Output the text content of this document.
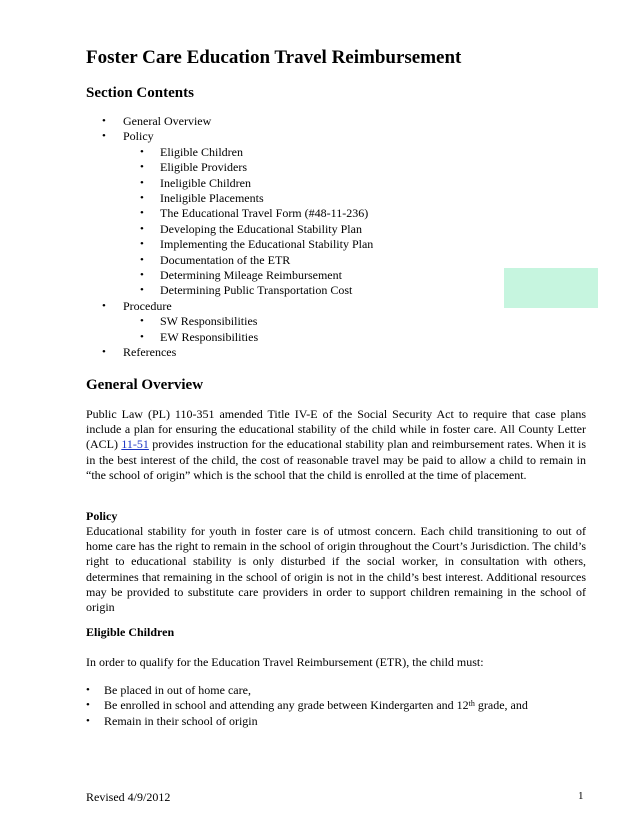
Foster Care Education Travel Reimbursement
Section Contents
• General Overview
• Policy
• Eligible Children
• Eligible Providers
• Ineligible Children
• Ineligible Placements
• The Educational Travel Form (#48-11-236)
• Developing the Educational Stability Plan
• Implementing the Educational Stability Plan
• Documentation of the ETR
• Determining Mileage Reimbursement
• Determining Public Transportation Cost
• Procedure
• SW Responsibilities
• EW Responsibilities
• References
General Overview

Public Law (PL) 110-351 amended Title IV-E of the Social Security Act to require that case plans include a plan for ensuring the educational stability of the child while in foster care. All County Letter (ACL) 11-51 provides instruction for the educational stability plan and reimbursement rates. When it is in the best interest of the child, the cost of reasonable travel may be paid to allow a child to remain in “the school of origin” which is the school that the child is enrolled at the time of placement.

Policy

Educational stability for youth in foster care is of utmost concern. Each child transitioning to out of home care has the right to remain in the school of origin throughout the Court’s Jurisdiction. The child’s right to educational stability is only disturbed if the social worker, in consultation with others, determines that remaining in the school of origin is not in the child’s best interest. Additional resources may be provided to substitute care providers in order to support children remaining in the school of origin

Eligible Children

In order to qualify for the Education Travel Reimbursement (ETR), the child must:

• Be placed in out of home care,
• Be enrolled in school and attending any grade between Kindergarten and 12th grade, and
• Remain in their school of origin
Revised 4/9/2012	1
